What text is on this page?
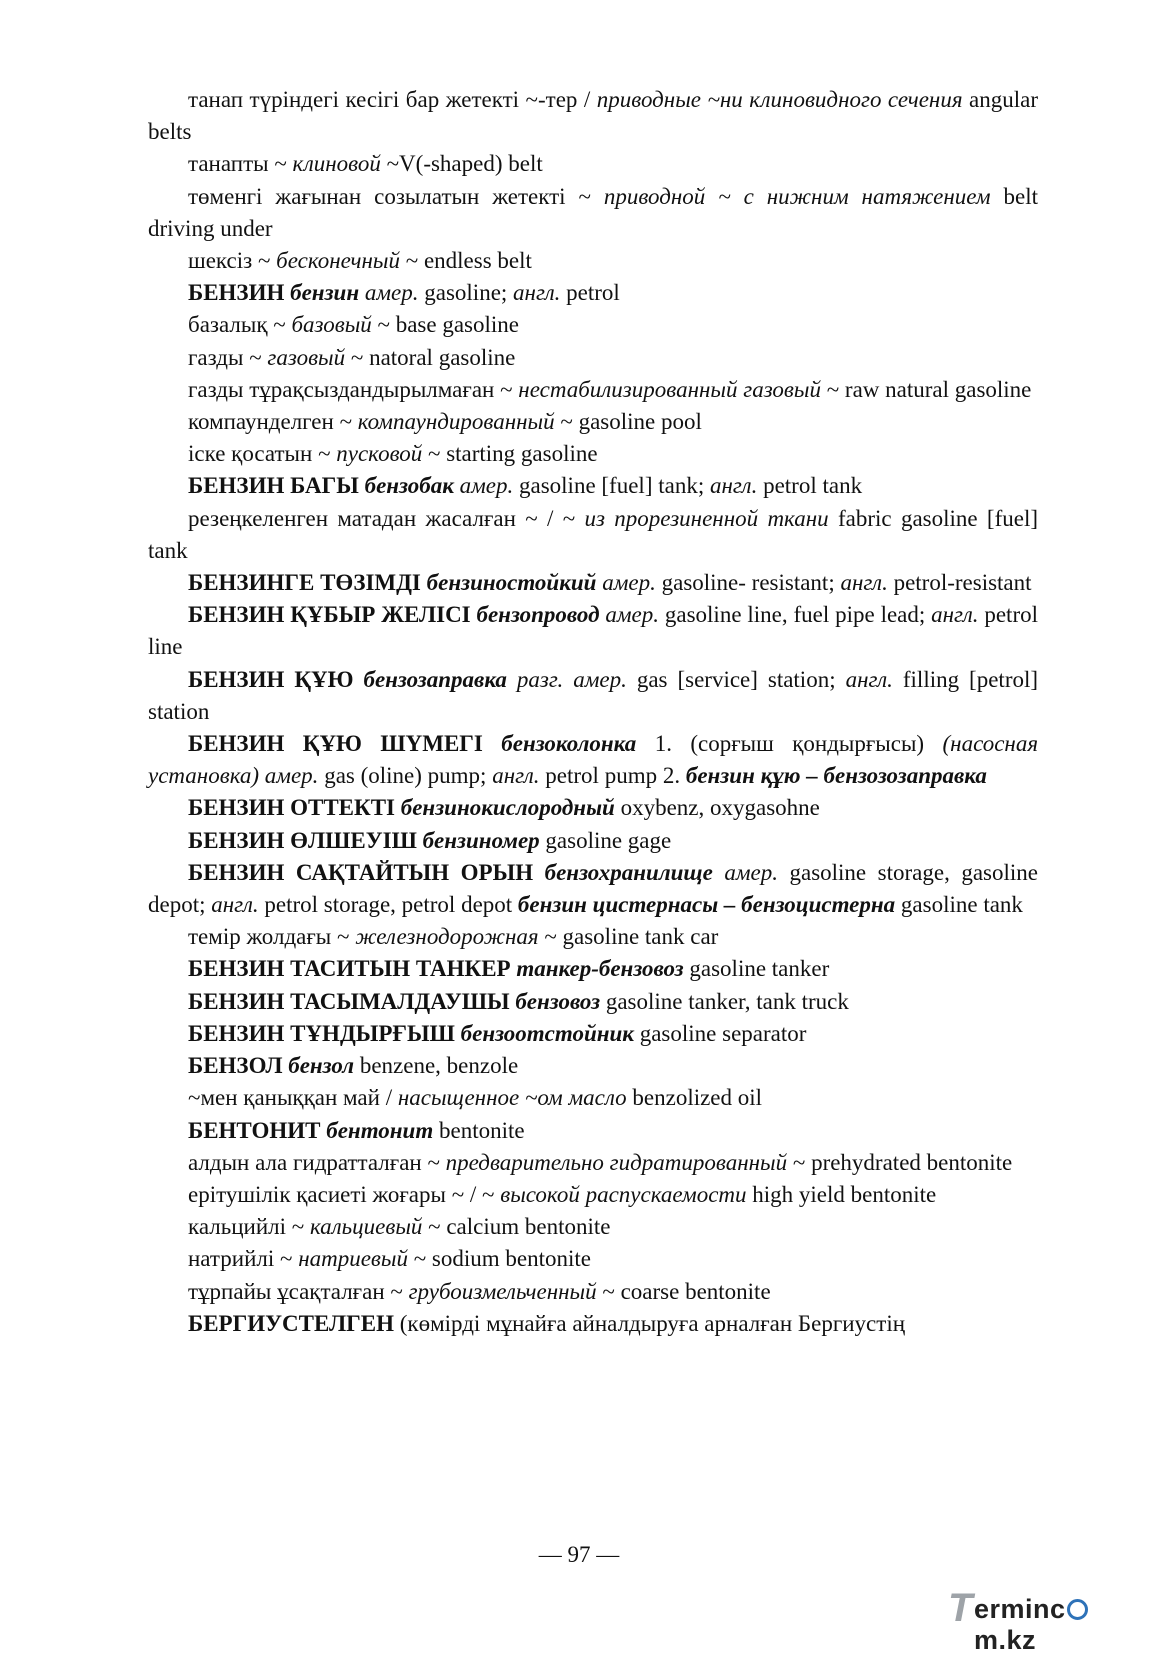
танап түріндегі кесігі бар жетекті ~-тер / приводные ~ни клиновидного сечения angular belts

танапты ~ клиновой ~V(-shaped) belt

төменгі жағынан созылатын жетекті ~ приводной ~ с нижним натяжением belt driving under

шексіз ~ бесконечный ~ endless belt

БЕНЗИН бензин амер. gasoline; англ. petrol

базалық ~ базовый ~ base gasoline

газды ~ газовый ~ natoral gasoline

газды тұрақсыздандырылмаған ~ нестабилизированный газовый ~ raw natural gasoline

компаунделген ~ компаундированный ~ gasoline pool

іске қосатын ~ пусковой ~ starting gasoline

БЕНЗИН БАГЫ бензобак амер. gasoline [fuel] tank; англ. petrol tank

резеңкеленген матадан жасалған ~ / ~ из прорезиненной ткани fabric gasoline [fuel] tank

БЕНЗИНГЕ ТӨЗІМДІ бензиностойкий амер. gasoline- resistant; англ. petrol-resistant

БЕНЗИН ҚҰБЫР ЖЕЛІСІ бензопровод амер. gasoline line, fuel pipe lead; англ. petrol line

БЕНЗИН ҚҰЮ бензозаправка разг. амер. gas [service] station; англ. filling [petrol] station

БЕНЗИН ҚҰЮ ШҮМЕГІ бензоколонка 1. (сорғыш қондырғысы) (насосная установка) амер. gas (oline) pump; англ. petrol pump 2. бензин құю – бензозозаправка

БЕНЗИН ОТТЕКТІ бензинокислородный oxybenz, oxygasohne

БЕНЗИН ӨЛШЕУІШ бензиномер gasoline gage

БЕНЗИН САҚТАЙТЫН ОРЫН бензохранилище амер. gasoline storage, gasoline depot; англ. petrol storage, petrol depot бензин цистернасы – бензоцистерна gasoline tank

темір жолдағы ~ железнодорожная ~ gasoline tank car

БЕНЗИН ТАСИТЫН ТАНКЕР танкер-бензовоз gasoline tanker

БЕНЗИН ТАСЫМАЛДАУШЫ бензовоз gasoline tanker, tank truck

БЕНЗИН ТҰНДЫРҒЫШ бензоотстойник gasoline separator

БЕНЗОЛ бензол benzene, benzole

~мен қаныққан май / насыщенное ~ом масло benzolized oil

БЕНТОНИТ бентонит bentonite

алдын ала гидратталған ~ предварительно гидратированный ~ prehydrated bentonite

ерітушілік қасиеті жоғары ~ / ~ высокой распускаемости high yield bentonite

кальцийлі ~ кальциевый ~ calcium bentonite

натрийлі ~ натриевый ~ sodium bentonite

тұрпайы ұсақталған ~ грубоизмельченный ~ coarse bentonite

БЕРГИУСТЕЛГЕН (көмірді мұнайға айналдыруға арналған Бергиустің

— 97 —
T ermincm.kz
